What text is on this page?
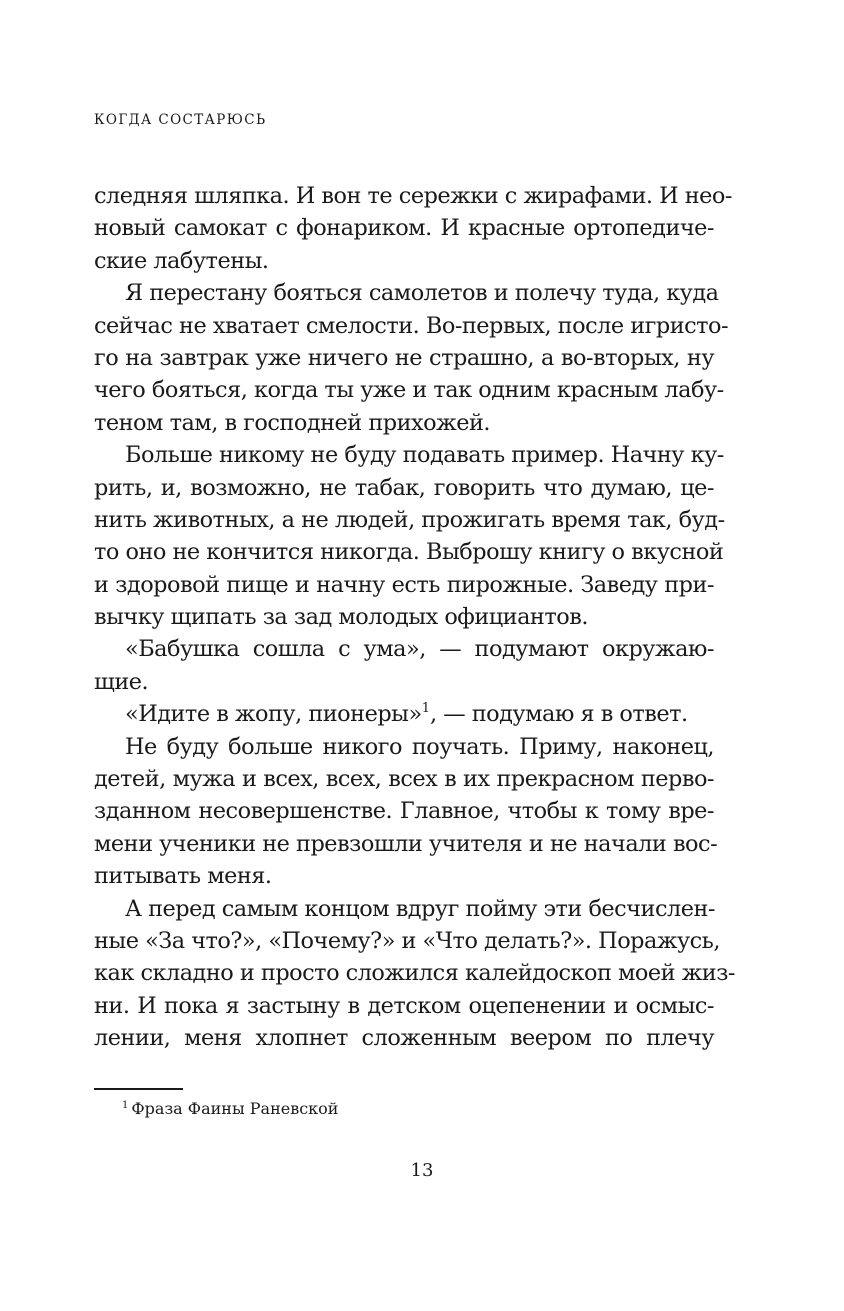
КОГДА СОСТАРЮСЬ
следняя шляпка. И вон те сережки с жирафами. И нео-
новый самокат с фонариком. И красные ортопедиче-
ские лабутены.
Я перестану бояться самолетов и полечу туда, куда
сейчас не хватает смелости. Во-первых, после игристо-
го на завтрак уже ничего не страшно, а во-вторых, ну
чего бояться, когда ты уже и так одним красным лабу-
теном там, в господней прихожей.
Больше никому не буду подавать пример. Начну ку-
рить, и, возможно, не табак, говорить что думаю, це-
нить животных, а не людей, прожигать время так, буд-
то оно не кончится никогда. Выброшу книгу о вкусной
и здоровой пище и начну есть пирожные. Заведу при-
вычку щипать за зад молодых официантов.
«Бабушка сошла с ума», — подумают окружаю-
щие.
«Идите в жопу, пионеры»$^1$, — подумаю я в ответ.
Не буду больше никого поучать. Приму, наконец,
детей, мужа и всех, всех, всех в их прекрасном перво-
зданном несовершенстве. Главное, чтобы к тому вре-
мени ученики не превзошли учителя и не начали вос-
питывать меня.
А перед самым концом вдруг пойму эти бесчислен-
ные «За что?», «Почему?» и «Что делать?». Поражусь,
как складно и просто сложился калейдоскоп моей жиз-
ни. И пока я застыну в детском оцепенении и осмыс-
лении, меня хлопнет сложенным веером по плечу
$^1$ Фраза Фаины Раневской
13
